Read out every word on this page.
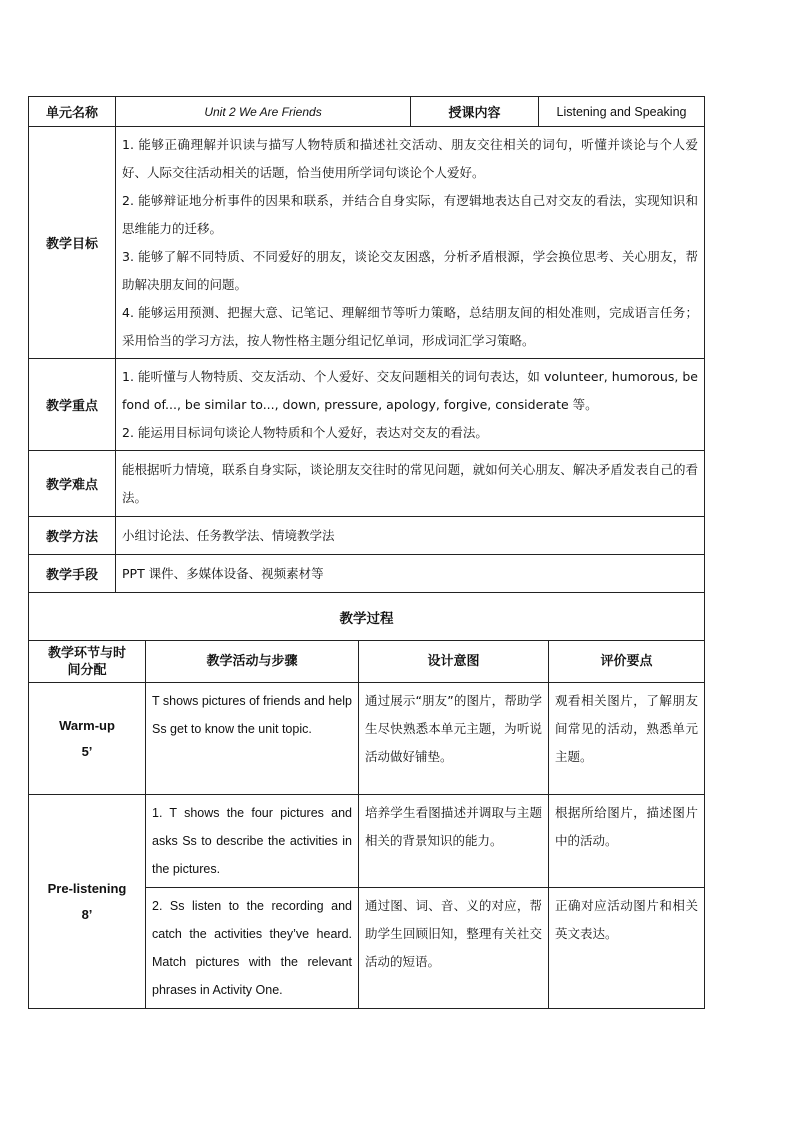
单元名称	Unit 2 We Are Friends	授课内容	Listening and Speaking
教学目标	1. 能够正确理解并识读与描写人物特质和描述社交活动、朋友交往相关的词句，听懂并谈论与个人爱好、人际交往活动相关的话题，恰当使用所学词句谈论个人爱好。

2. 能够辩证地分析事件的因果和联系，并结合自身实际，有逻辑地表达自己对交友的看法，实现知识和思维能力的迁移。

3. 能够了解不同特质、不同爱好的朋友，谈论交友困惑，分析矛盾根源，学会换位思考、关心朋友，帮助解决朋友间的问题。

4. 能够运用预测、把握大意、记笔记、理解细节等听力策略，总结朋友间的相处准则，完成语言任务；采用恰当的学习方法，按人物性格主题分组记忆单词，形成词汇学习策略。		

教学重点	1. 能听懂与人物特质、交友活动、个人爱好、交友问题相关的词句表达，如 volunteer, humorous, be fond of..., be similar to..., down, pressure, apology, forgive, considerate 等。

2. 能运用目标词句谈论人物特质和个人爱好，表达对交友的看法。		

教学难点	能根据听力情境，联系自身实际，谈论朋友交往时的常见问题，就如何关心朋友、解决矛盾发表自己的看法。		
教学方法	小组讨论法、任务教学法、情境教学法		
教学手段	PPT 课件、多媒体设备、视频素材等		
教学过程			
教学环节与时间分配	教学活动与步骤	设计意图	评价要点

Warm-up
5’	T shows pictures of friends and help Ss get to know the unit topic.	通过展示“朋友”的图片，帮助学生尽快熟悉本单元主题，为听说活动做好铺垫。	观看相关图片，了解朋友间常见的活动，熟悉单元主题。

Pre-listening
8’	1. T shows the four pictures and asks Ss to describe the activities in the pictures.	培养学生看图描述并调取与主题相关的背景知识的能力。	根据所给图片，描述图片中的活动。
	2. Ss listen to the recording and catch the activities they’ve heard. Match pictures with the relevant phrases in Activity One.	通过图、词、音、义的对应，帮助学生回顾旧知，整理有关社交活动的短语。	正确对应活动图片和相关英文表达。
